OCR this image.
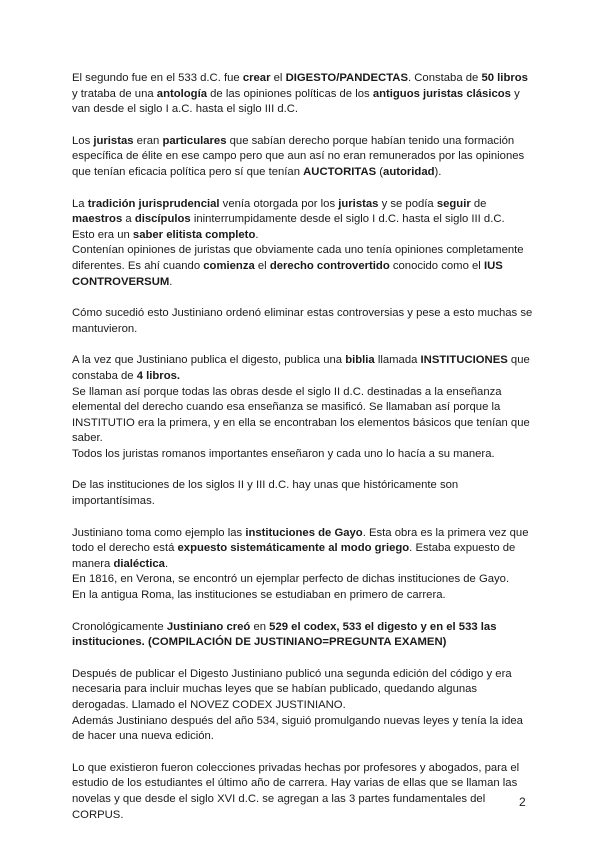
El segundo fue en el 533 d.C. fue crear el DIGESTO/PANDECTAS. Constaba de 50 libros
y trataba de una antología de las opiniones políticas de los antiguos juristas clásicos y
van desde el siglo I a.C. hasta el siglo III d.C.
Los juristas eran particulares que sabían derecho porque habían tenido una formación
específica de élite en ese campo pero que aun así no eran remunerados por las opiniones
que tenían eficacia política pero sí que tenían AUCTORITAS (autoridad).
La tradición jurisprudencial venía otorgada por los juristas y se podía seguir de
maestros a discípulos ininterrumpidamente desde el siglo I d.C. hasta el siglo III d.C.
Esto era un saber elitista completo.
Contenían opiniones de juristas que obviamente cada uno tenía opiniones completamente
diferentes. Es ahí cuando comienza el derecho controvertido conocido como el IUS
CONTROVERSUM.
Cómo sucedió esto Justiniano ordenó eliminar estas controversias y pese a esto muchas se
mantuvieron.
A la vez que Justiniano publica el digesto, publica una biblia llamada INSTITUCIONES que
constaba de 4 libros.
Se llaman así porque todas las obras desde el siglo II d.C. destinadas a la enseñanza
elemental del derecho cuando esa enseñanza se masificó. Se llamaban así porque la
INSTITUTIO era la primera, y en ella se encontraban los elementos básicos que tenían que
saber.
Todos los juristas romanos importantes enseñaron y cada uno lo hacía a su manera.
De las instituciones de los siglos II y III d.C. hay unas que históricamente son
importantísimas.
Justiniano toma como ejemplo las instituciones de Gayo. Esta obra es la primera vez que
todo el derecho está expuesto sistemáticamente al modo griego. Estaba expuesto de
manera dialéctica.
En 1816, en Verona, se encontró un ejemplar perfecto de dichas instituciones de Gayo.
En la antigua Roma, las instituciones se estudiaban en primero de carrera.
Cronológicamente Justiniano creó en 529 el codex, 533 el digesto y en el 533 las
instituciones. (COMPILACIÓN DE JUSTINIANO=PREGUNTA EXAMEN)
Después de publicar el Digesto Justiniano publicó una segunda edición del código y era
necesaria para incluir muchas leyes que se habían publicado, quedando algunas
derogadas. Llamado el NOVEZ CODEX JUSTINIANO.
Además Justiniano después del año 534, siguió promulgando nuevas leyes y tenía la idea
de hacer una nueva edición.
Lo que existieron fueron colecciones privadas hechas por profesores y abogados, para el
estudio de los estudiantes el último año de carrera. Hay varias de ellas que se llaman las
novelas y que desde el siglo XVI d.C. se agregan a las 3 partes fundamentales del
CORPUS.
2
